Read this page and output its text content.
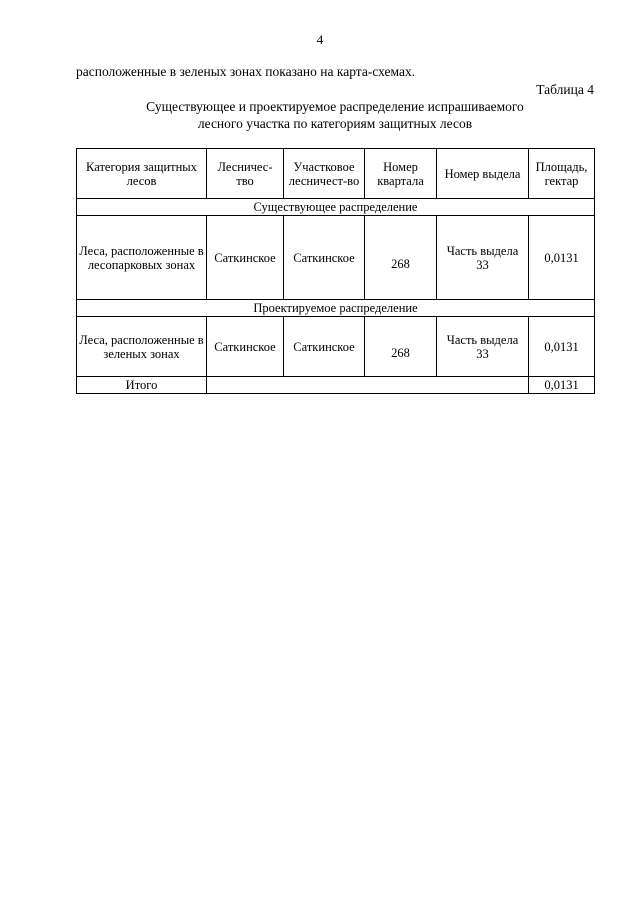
4
расположенные в зеленых зонах показано на карта-схемах.
Таблица 4
Существующее и проектируемое распределение испрашиваемого
лесного участка по категориям защитных лесов
Категория защитных лесов	Лесничес-тво	Участковое лесничест-во	Номер квартала	Номер выдела	Площадь, гектар
Существующее распределение					
Леса, расположенные в лесопарковых зонах	Саткинское	Саткинское	268	Часть выдела 33	0,0131
Проектируемое распределение					
Леса, расположенные в зеленых зонах	Саткинское	Саткинское	268	Часть выдела 33	0,0131
Итого					0,0131
